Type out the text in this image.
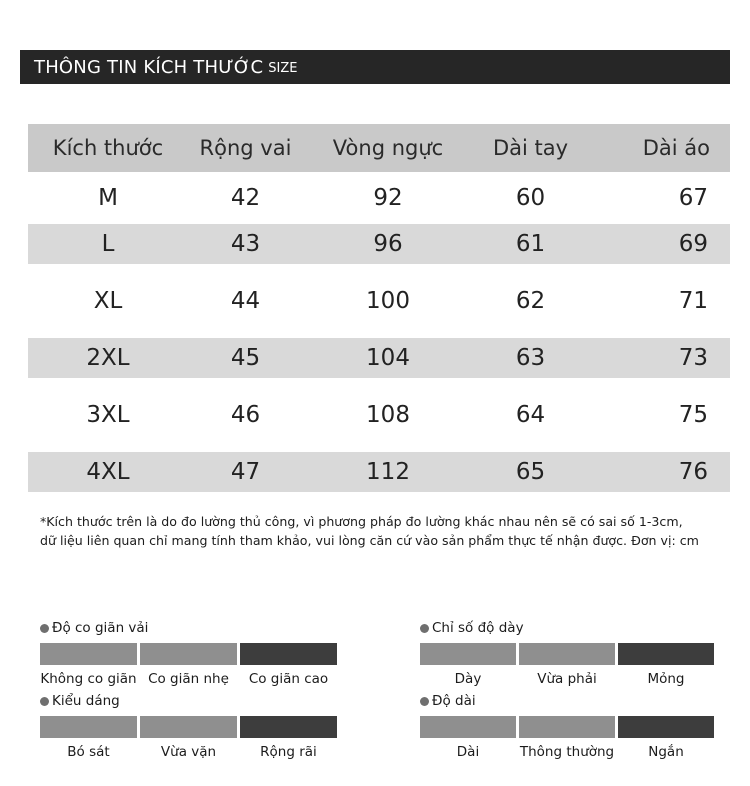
THÔNG TIN KÍCH THƯỚC SIZE
Kích thước	Rộng vai	Vòng ngực	Dài tay	Dài áo
M	42	92	60	67
L	43	96	61	69
XL	44	100	62	71
2XL	45	104	63	73
3XL	46	108	64	75
4XL	47	112	65	76
*Kích thước trên là do đo lường thủ công, vì phương pháp đo lường khác nhau nên sẽ có sai số 1-3cm,
dữ liệu liên quan chỉ mang tính tham khảo, vui lòng căn cứ vào sản phẩm thực tế nhận được. Đơn vị: cm
Độ co giãn vải
Không co giãn Co giãn nhẹ	Co giãn cao
Kiểu dáng
Bó sát	Vừa vặn	Rộng rãi
Chỉ số độ dày
Dày	Vừa phải	Mỏng
Độ dài
Dài	Thông thường	Ngắn
